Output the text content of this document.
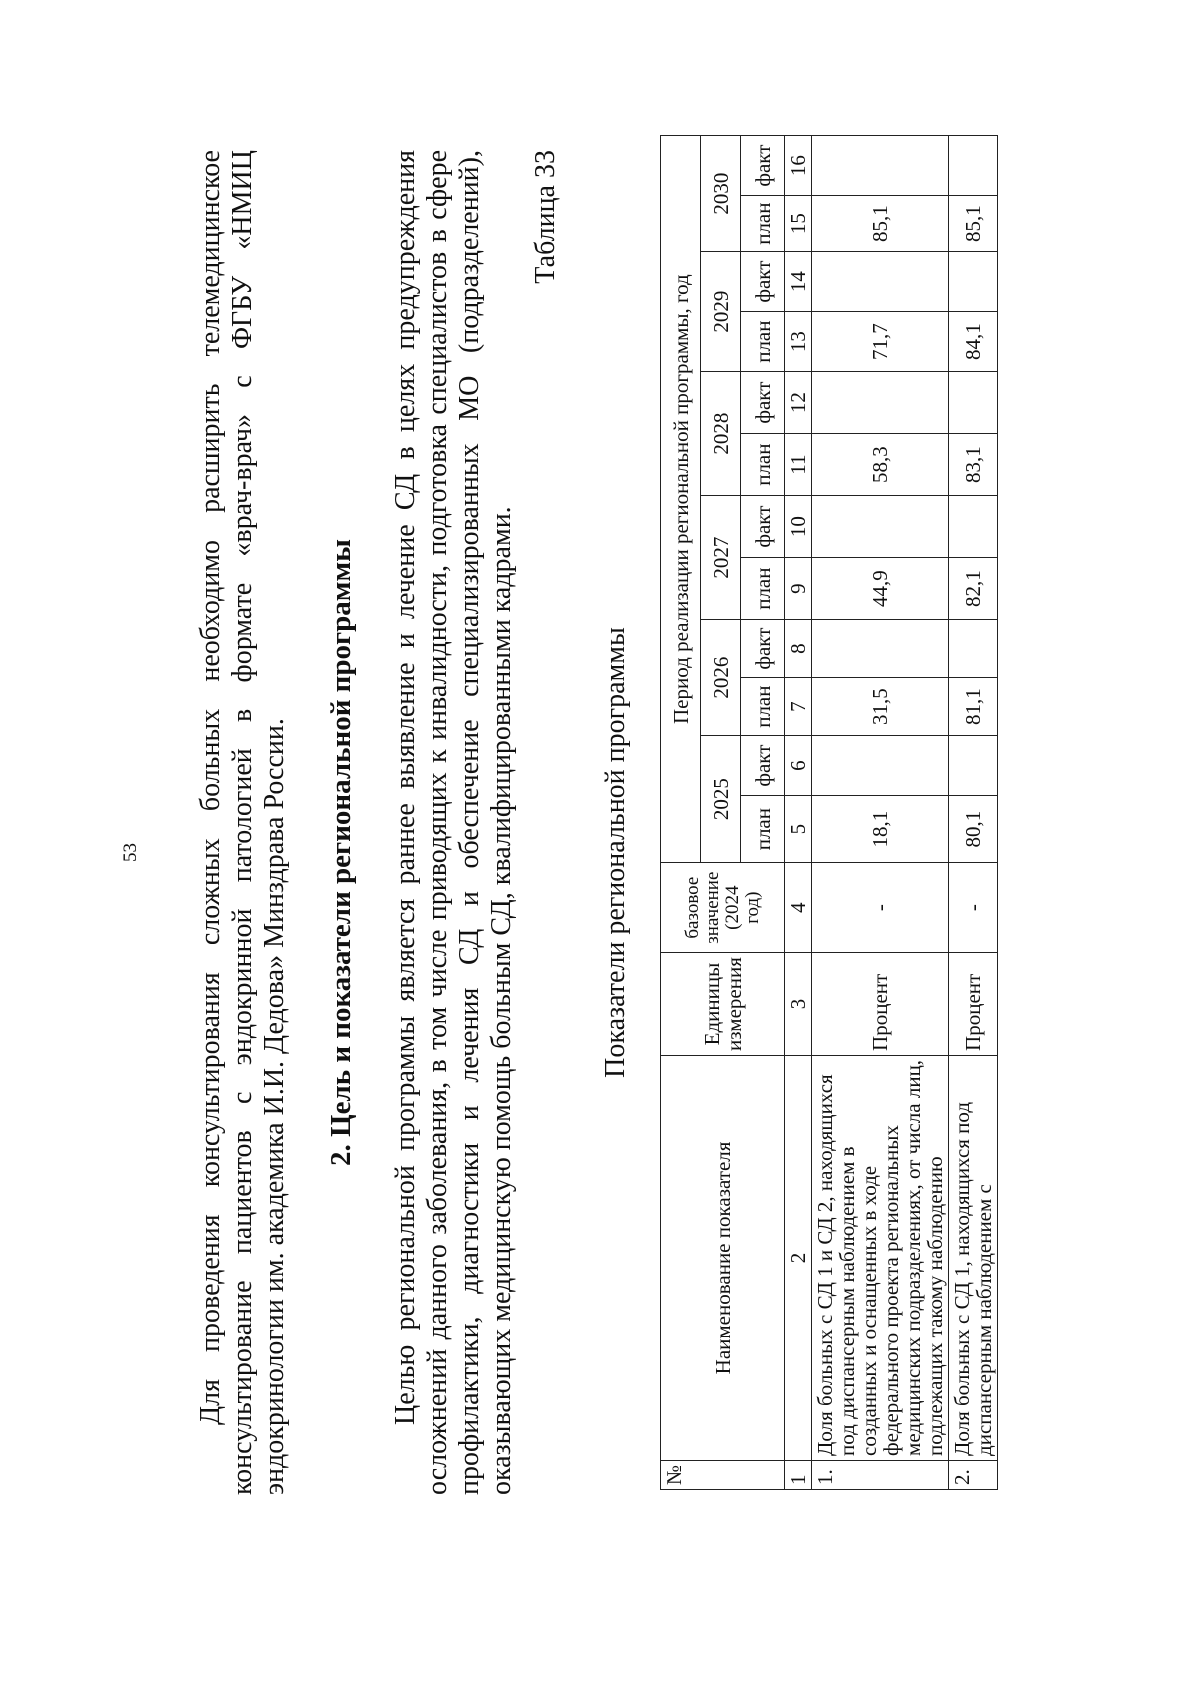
53 Для проведения консультирования сложных больных необходимо расширить телемедицинское консультирование пациентов с эндокринной патологией в формате «врач-врач» с ФГБУ «НМИЦ эндокринологии им. академика И.И. Дедова» Минздрава России. 2. Цель и показатели региональной программы Целью региональной программы является раннее выявление и лечение СД в целях предупреждения осложнений данного заболевания, в том числе приводящих к инвалидности, подготовка специалистов в сфере профилактики, диагностики и лечения СД и обеспечение специализированных МО (подразделений), оказывающих медицинскую помощь больным СД, квалифицированными кадрами.
Таблица 33
Показатели региональной программы
№	Наименование показателя	Единицы измерения	базовое значение (2024 год)	Период реализации региональной программы, год											
				2025		2026		2027		2028		2029		2030	
				план	факт	план	факт	план	факт	план	факт	план	факт	план	факт
1	2	3	4	5	6	7	8	9	10	11	12	13	14	15	16
1.	Доля больных с СД 1 и СД 2, находящихся под диспансерным наблюдением в созданных и оснащенных в ходе федерального проекта региональных медицинских подразделениях, от числа лиц, подлежащих такому наблюдению	Процент	-	18,1		31,5		44,9		58,3		71,7		85,1	
2.	Доля больных с СД 1, находящихся под диспансерным наблюдением с	Процент	-	80,1		81,1		82,1		83,1		84,1		85,1	
